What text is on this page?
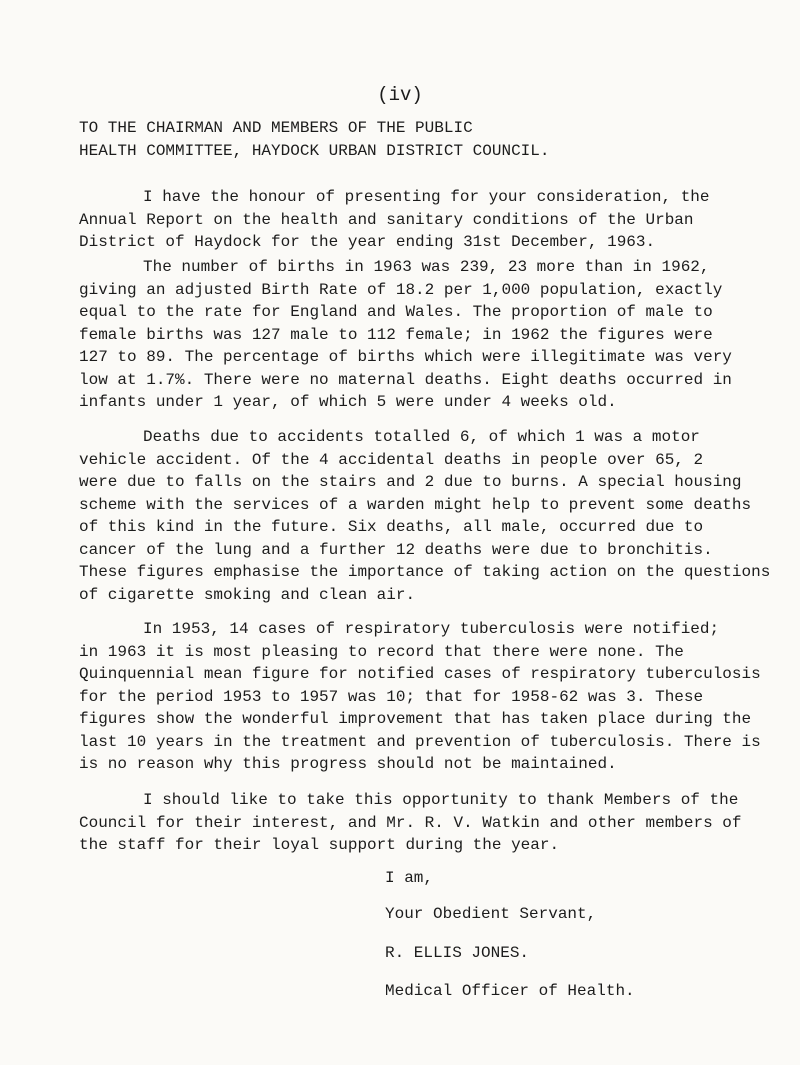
(iv)
TO THE CHAIRMAN AND MEMBERS OF THE PUBLIC
HEALTH COMMITTEE, HAYDOCK URBAN DISTRICT COUNCIL.
I have the honour of presenting for your consideration, the
Annual Report on the health and sanitary conditions of the Urban
District of Haydock for the year ending 31st December, 1963.
The number of births in 1963 was 239, 23 more than in 1962,
giving an adjusted Birth Rate of 18.2 per 1,000 population, exactly
equal to the rate for England and Wales. The proportion of male to
female births was 127 male to 112 female; in 1962 the figures were
127 to 89. The percentage of births which were illegitimate was very
low at 1.7%. There were no maternal deaths. Eight deaths occurred in
infants under 1 year, of which 5 were under 4 weeks old.
Deaths due to accidents totalled 6, of which 1 was a motor
vehicle accident. Of the 4 accidental deaths in people over 65, 2
were due to falls on the stairs and 2 due to burns. A special housing
scheme with the services of a warden might help to prevent some deaths
of this kind in the future. Six deaths, all male, occurred due to
cancer of the lung and a further 12 deaths were due to bronchitis.
These figures emphasise the importance of taking action on the questions
of cigarette smoking and clean air.
In 1953, 14 cases of respiratory tuberculosis were notified;
in 1963 it is most pleasing to record that there were none. The
Quinquennial mean figure for notified cases of respiratory tuberculosis
for the period 1953 to 1957 was 10; that for 1958-62 was 3. These
figures show the wonderful improvement that has taken place during the
last 10 years in the treatment and prevention of tuberculosis. There is
is no reason why this progress should not be maintained.
I should like to take this opportunity to thank Members of the
Council for their interest, and Mr. R. V. Watkin and other members of
the staff for their loyal support during the year.
I am,
Your Obedient Servant,
R. ELLIS JONES.
Medical Officer of Health.
